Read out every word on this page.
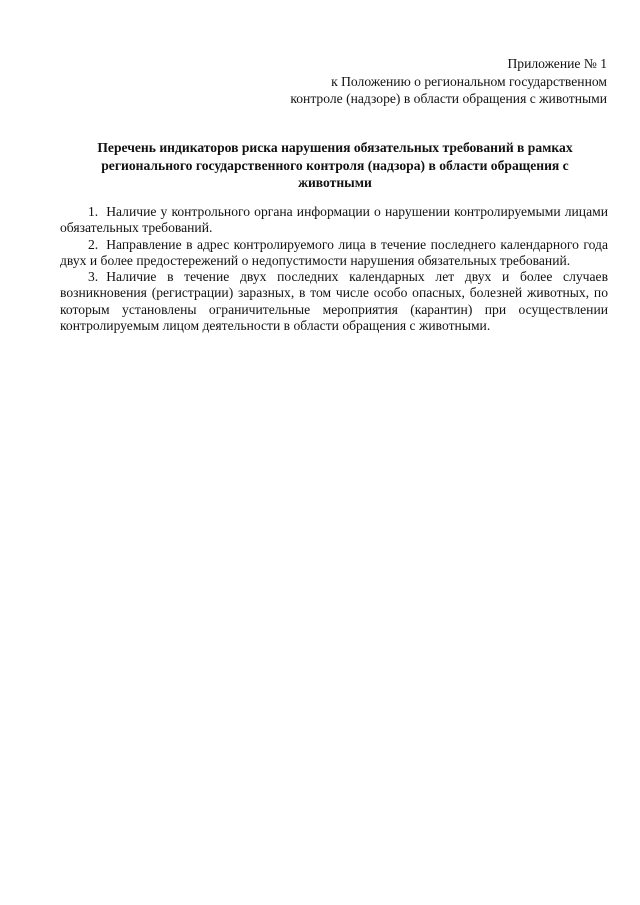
Приложение № 1
к Положению о региональном государственном
контроле (надзоре) в области обращения с животными
Перечень индикаторов риска нарушения обязательных требований в рамках регионального государственного контроля (надзора) в области обращения с животными

1. Наличие у контрольного органа информации о нарушении контролируемыми лицами обязательных требований.

2. Направление в адрес контролируемого лица в течение последнего календарного года двух и более предостережений о недопустимости нарушения обязательных требований.

3. Наличие в течение двух последних календарных лет двух и более случаев возникновения (регистрации) заразных, в том числе особо опасных, болезней животных, по которым установлены ограничительные мероприятия (карантин) при осуществлении контролируемым лицом деятельности в области обращения с животными.
